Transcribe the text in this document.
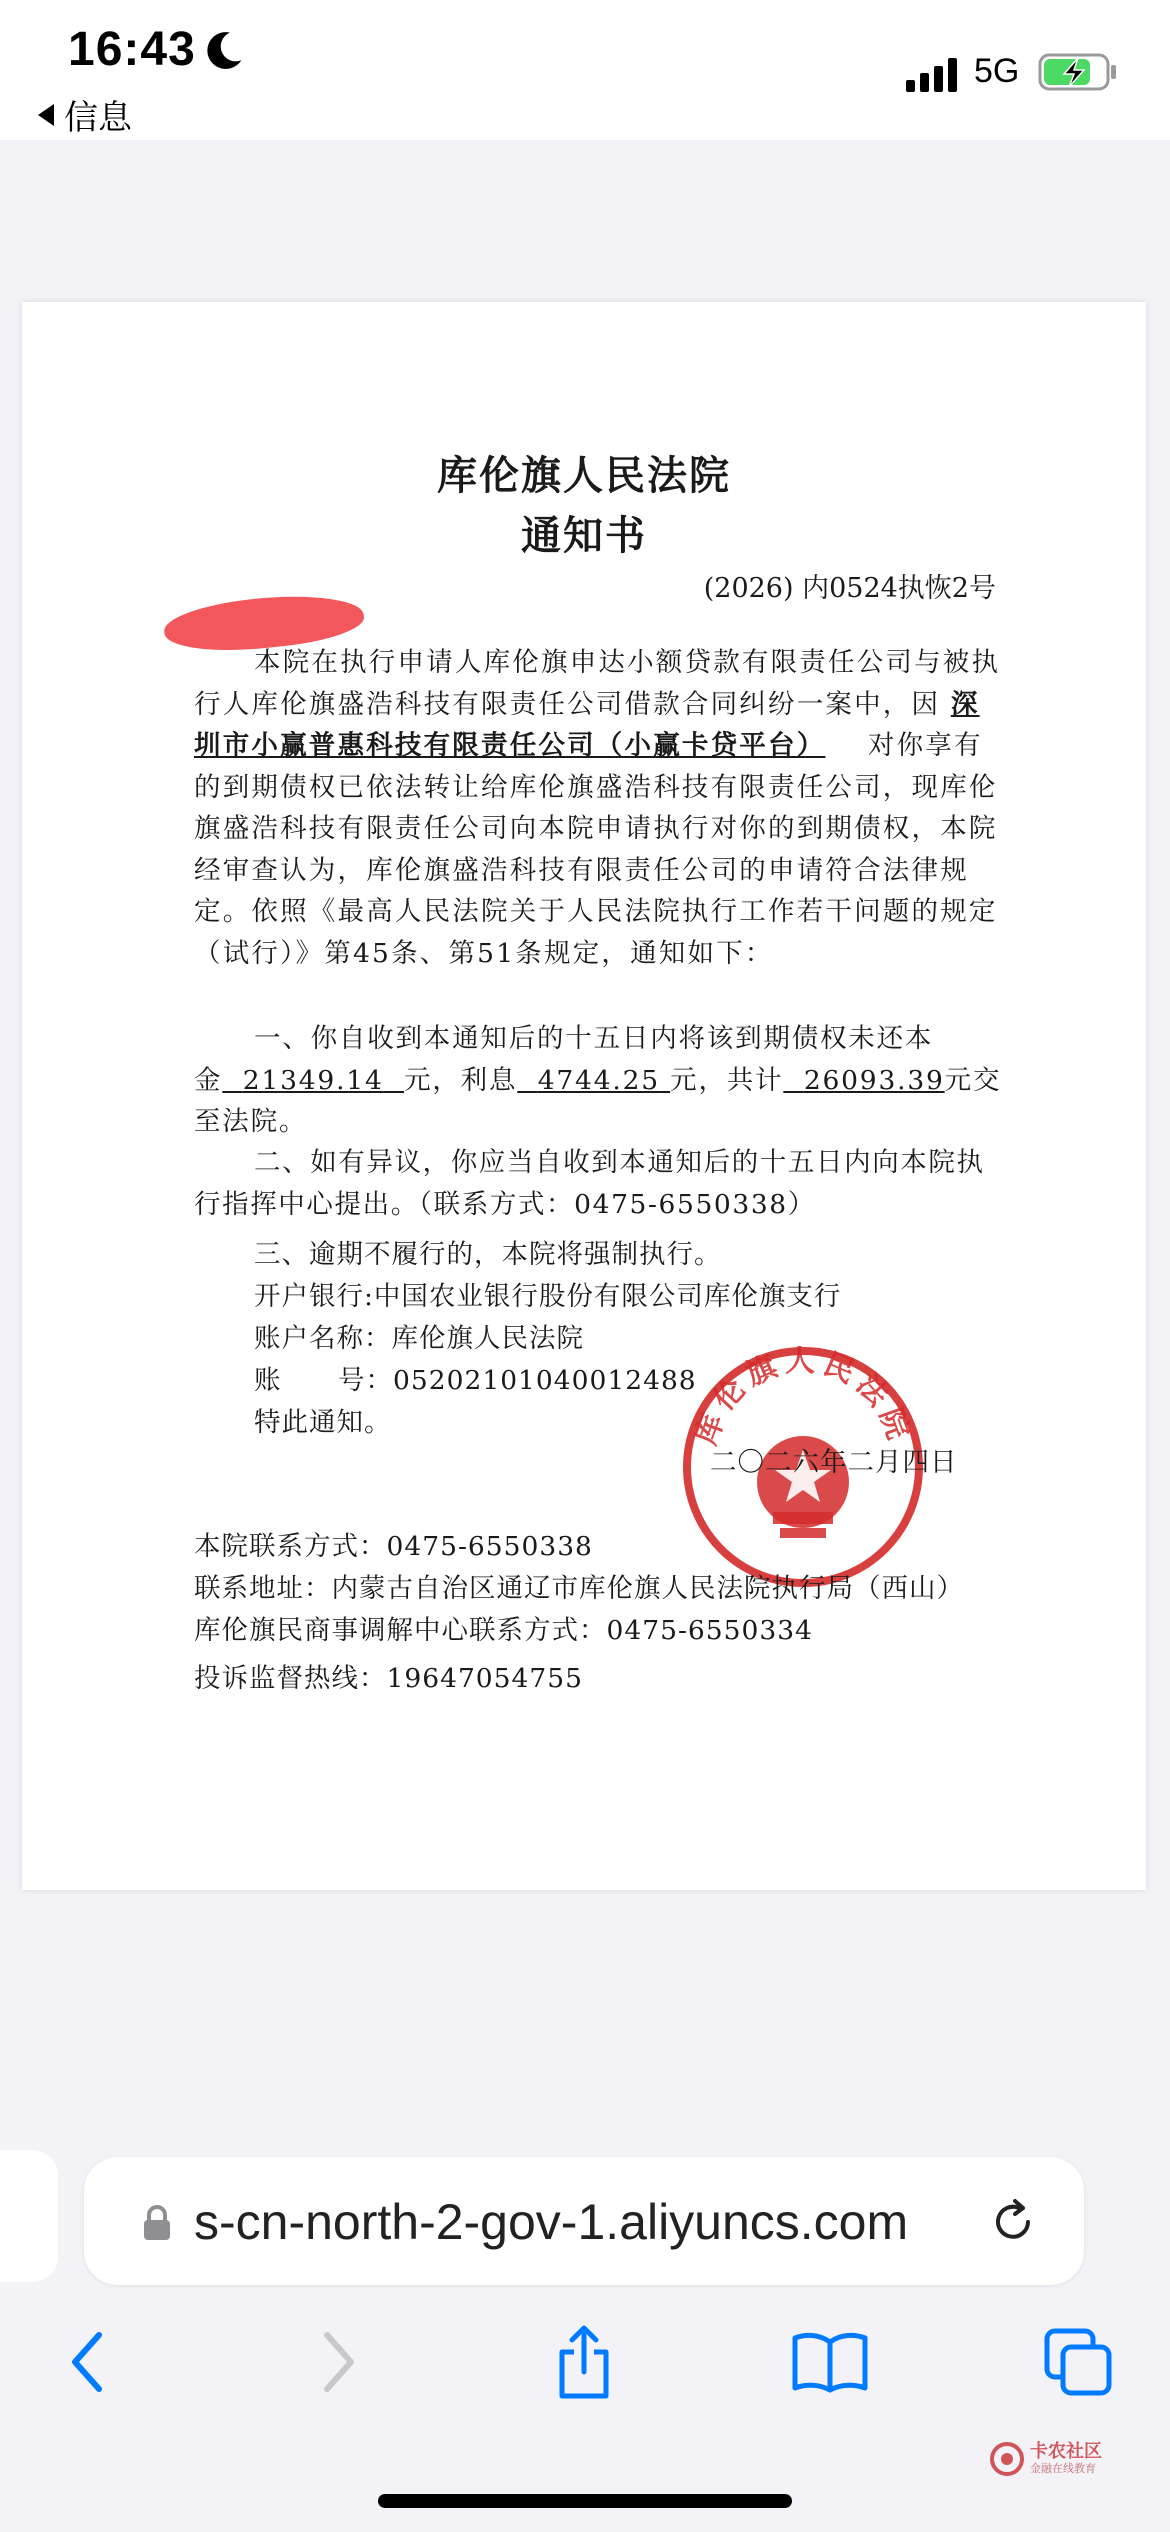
16:43
信息
5G
库伦旗人民法院
通知书
(2026) 内0524执恢2号
本院在执行申请人库伦旗申达小额贷款有限责任公司与被执行人库伦旗盛浩科技有限责任公司借款合同纠纷一案中，因 深圳市小赢普惠科技有限责任公司（小赢卡贷平台） 对你享有的到期债权已依法转让给库伦旗盛浩科技有限责任公司，现库伦旗盛浩科技有限责任公司向本院申请执行对你的到期债权，本院经审查认为，库伦旗盛浩科技有限责任公司的申请符合法律规定。依照《最高人民法院关于人民法院执行工作若干问题的规定（试行）》第45条、第51条规定，通知如下：
一、你自收到本通知后的十五日内将该到期债权未还本金 21349.14 元，利息 4744.25 元，共计 26093.39元交至法院。
二、如有异议，你应当自收到本通知后的十五日内向本院执行指挥中心提出。（联系方式：0475-6550338）
三、逾期不履行的，本院将强制执行。
开户银行:中国农业银行股份有限公司库伦旗支行
账户名称：库伦旗人民法院
账      号：05202101040012488
特此通知。	库伦旗人民法院
二〇二六年二月四日
本院联系方式：0475-6550338
联系地址：内蒙古自治区通辽市库伦旗人民法院执行局（西山）
库伦旗民商事调解中心联系方式：0475-6550334
投诉监督热线：19647054755
s-cn-north-2-gov-1.aliyuncs.com
卡农社区
金融在线教育
